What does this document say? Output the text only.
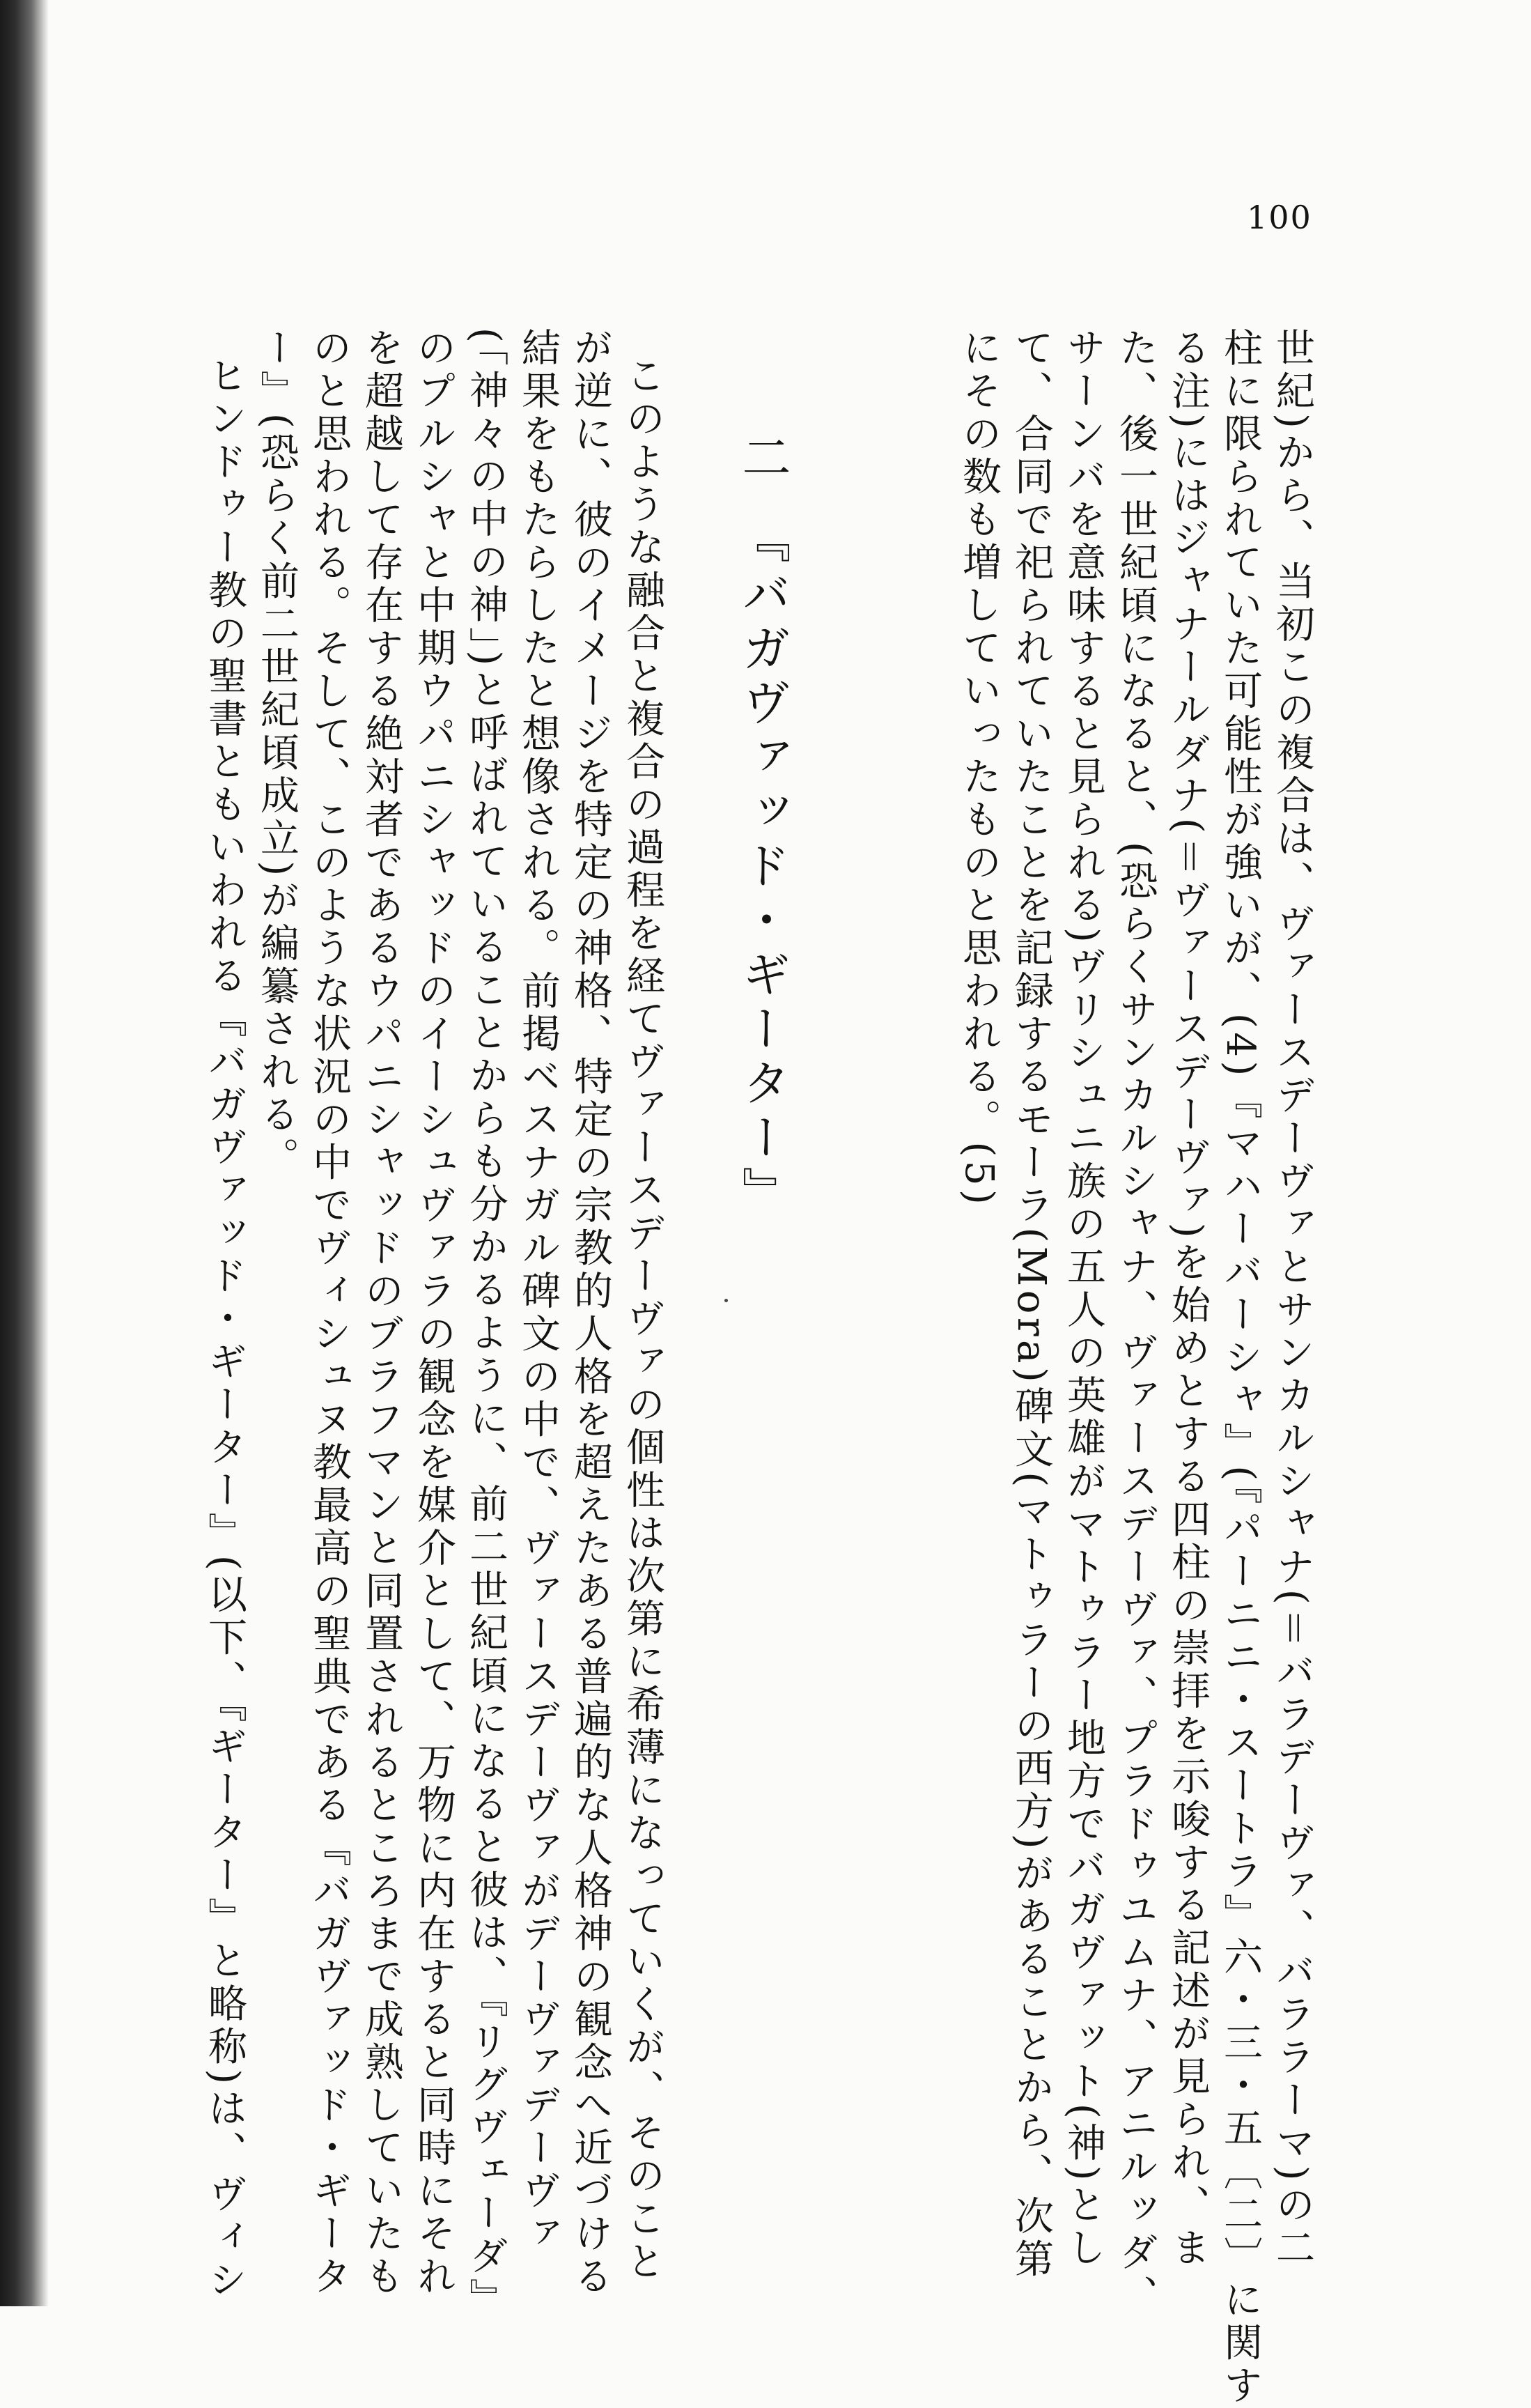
100
世紀)から、当初この複合は、ヴァースデーヴァとサンカルシャナ(＝バラデーヴァ、バララーマ)の二
柱に限られていた可能性が強いが、(4)『マハーバーシャ』(『パーニニ・スートラ』六・三・五〔二〕に関す
る注)にはジャナールダナ(＝ヴァースデーヴァ)を始めとする四柱の崇拝を示唆する記述が見られ、ま
た、後一世紀頃になると、(恐らくサンカルシャナ、ヴァースデーヴァ、プラドゥユムナ、アニルッダ、
サーンバを意味すると見られる)ヴリシュニ族の五人の英雄がマトゥラー地方でバガヴァット(神)とし
て、合同で祀られていたことを記録するモーラ(Mora)碑文(マトゥラーの西方)があることから、次第
にその数も増していったものと思われる。(5)
二『バガヴァッド・ギーター』
このような融合と複合の過程を経てヴァースデーヴァの個性は次第に希薄になっていくが、そのこと
が逆に、彼のイメージを特定の神格、特定の宗教的人格を超えたある普遍的な人格神の観念へ近づける
結果をもたらしたと想像される。前掲ベスナガル碑文の中で、ヴァースデーヴァがデーヴァデーヴァ
(「神々の中の神」)と呼ばれていることからも分かるように、前二世紀頃になると彼は、『リグヴェーダ』
のプルシャと中期ウパニシャッドのイーシュヴァラの観念を媒介として、万物に内在すると同時にそれ
を超越して存在する絶対者であるウパニシャッドのブラフマンと同置されるところまで成熟していたも
のと思われる。そして、このような状況の中でヴィシュヌ教最高の聖典である『バガヴァッド・ギータ
ー』(恐らく前二世紀頃成立)が編纂される。
ヒンドゥー教の聖書ともいわれる『バガヴァッド・ギーター』(以下、『ギーター』と略称)は、ヴィシ
